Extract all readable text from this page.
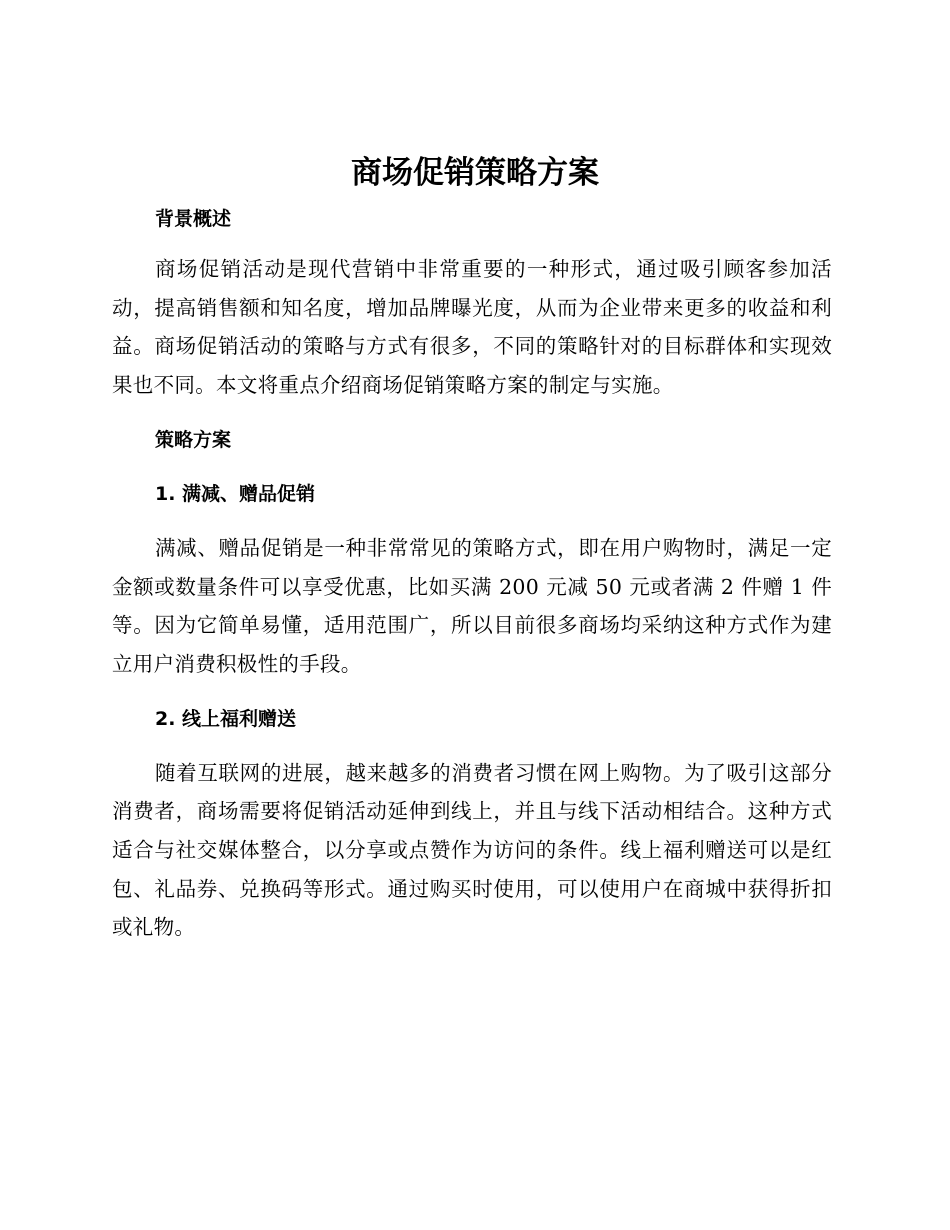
商场促销策略方案
背景概述

商场促销活动是现代营销中非常重要的一种形式，通过吸引顾客参加活动，提高销售额和知名度，增加品牌曝光度，从而为企业带来更多的收益和利益。商场促销活动的策略与方式有很多，不同的策略针对的目标群体和实现效果也不同。本文将重点介绍商场促销策略方案的制定与实施。

策略方案
1. 满减、赠品促销

满减、赠品促销是一种非常常见的策略方式，即在用户购物时，满足一定金额或数量条件可以享受优惠，比如买满 200 元减 50 元或者满 2 件赠 1 件等。因为它简单易懂，适用范围广，所以目前很多商场均采纳这种方式作为建立用户消费积极性的手段。

2. 线上福利赠送

随着互联网的进展，越来越多的消费者习惯在网上购物。为了吸引这部分消费者，商场需要将促销活动延伸到线上，并且与线下活动相结合。这种方式适合与社交媒体整合，以分享或点赞作为访问的条件。线上福利赠送可以是红包、礼品券、兑换码等形式。通过购买时使用，可以使用户在商城中获得折扣或礼物。
